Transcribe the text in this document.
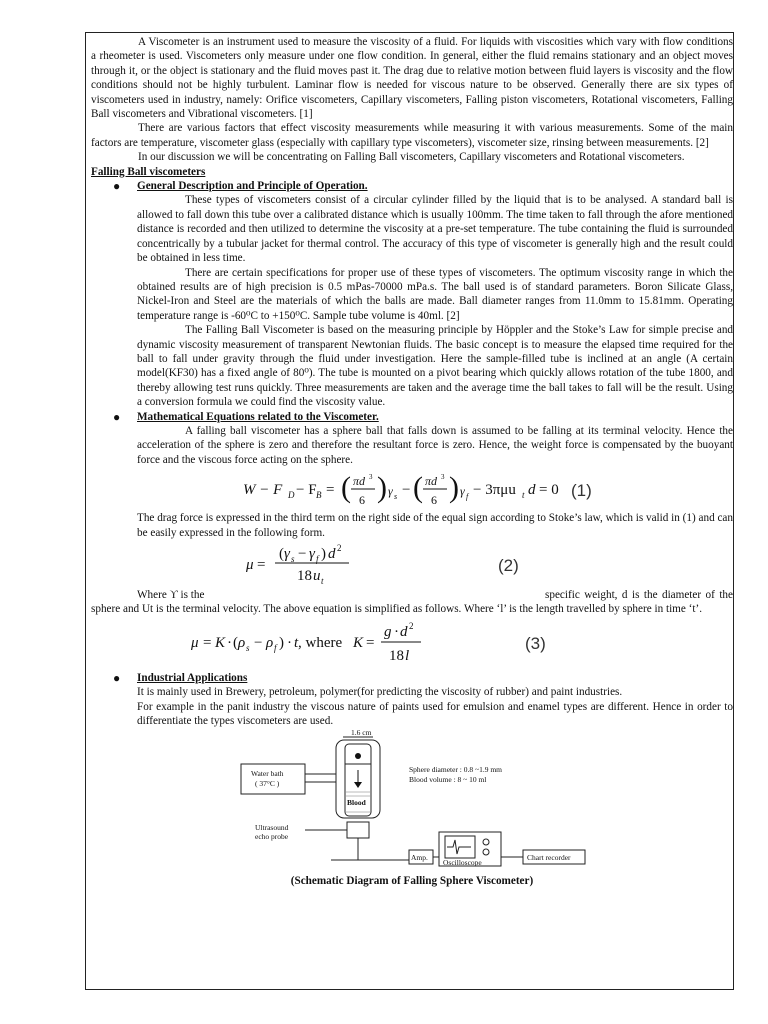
A Viscometer is an instrument used to measure the viscosity of a fluid. For liquids with viscosities which vary with flow conditions a rheometer is used. Viscometers only measure under one flow condition. In general, either the fluid remains stationary and an object moves through it, or the object is stationary and the fluid moves past it. The drag due to relative motion between fluid layers is viscosity and the flow conditions should not be highly turbulent. Laminar flow is needed for viscous nature to be observed. Generally there are six types of viscometers used in industry, namely: Orifice viscometers, Capillary viscometers, Falling piston viscometers, Rotational viscometers, Falling Ball viscometers and Vibrational viscometers. [1]

There are various factors that effect viscosity measurements while measuring it with various measurements. Some of the main factors are temperature, viscometer glass (especially with capillary type viscometers), viscometer size, rinsing between measurements. [2]

In our discussion we will be concentrating on Falling Ball viscometers, Capillary viscometers and Rotational viscometers.

Falling Ball viscometers

● General Description and Principle of Operation.

These types of viscometers consist of a circular cylinder filled by the liquid that is to be analysed. A standard ball is allowed to fall down this tube over a calibrated distance which is usually 100mm. The time taken to fall through the afore mentioned distance is recorded and then utilized to determine the viscosity at a pre-set temperature. The tube containing the fluid is surrounded concentrically by a tubular jacket for thermal control. The accuracy of this type of viscometer is generally high and the result could be obtained in less time.

There are certain specifications for proper use of these types of viscometers. The optimum viscosity range in which the obtained results are of high precision is 0.5 mPas-70000 mPa.s. The ball used is of standard parameters. Boron Silicate Glass, Nickel-Iron and Steel are the materials of which the balls are made. Ball diameter ranges from 11.0mm to 15.81mm. Operating temperature range is -60⁰C to +150⁰C. Sample tube volume is 40ml. [2]

The Falling Ball Viscometer is based on the measuring principle by Höppler and the Stoke’s Law for simple precise and dynamic viscosity measurement of transparent Newtonian fluids. The basic concept is to measure the elapsed time required for the ball to fall under gravity through the fluid under investigation. Here the sample-filled tube is inclined at an angle (A certain model(KF30) has a fixed angle of 80⁰). The tube is mounted on a pivot bearing which quickly allows rotation of the tube 1800, and thereby allowing test runs quickly. Three measurements are taken and the average time the ball takes to fall will be the result. Using a conversion formula we could find the viscosity value.

● Mathematical Equations related to the Viscometer.

A falling ball viscometer has a sphere ball that falls down is assumed to be falling at its terminal velocity. Hence the acceleration of the sphere is zero and therefore the resultant force is zero. Hence, the weight force is compensated by the buoyant force and the viscous force acting on the sphere.

W − F D − F B = ( πd 3
6 ) γ s − ( πd 3
6 ) γ f − 3πμu t d = 0 (1)

The drag force is expressed in the third term on the right side of the equal sign according to Stoke’s law, which is valid in (1) and can be easily expressed in the following form.

μ =
( γ s − γ f ) d 2
18 u t
(2)
Where ϒ is the	specific weight, d is the diameter of the sphere and Ut is the terminal velocity. The above equation is simplified as follows. Where ‘l’ is the length travelled by sphere in time ‘t’.

μ = K · ( ρ s − ρ f ) · t , where K =
g · d 2
18 l
(3)
● Industrial Applications

It is mainly used in Brewery, petroleum, polymer(for predicting the viscosity of rubber) and paint industries.

For example in the panit industry the viscous nature of paints used for emulsion and enamel types are different. Hence in order to differentiate the types viscometers are used.

1.6 cm
Water bath
( 37°C )
Blood
Sphere diameter : 0.8 ~1.9 mm
Blood volume : 8 ~ 10 ml
Ultrasound
echo probe
Amp.
Oscilloscope
Chart recorder

(Schematic Diagram of Falling Sphere Viscometer)
